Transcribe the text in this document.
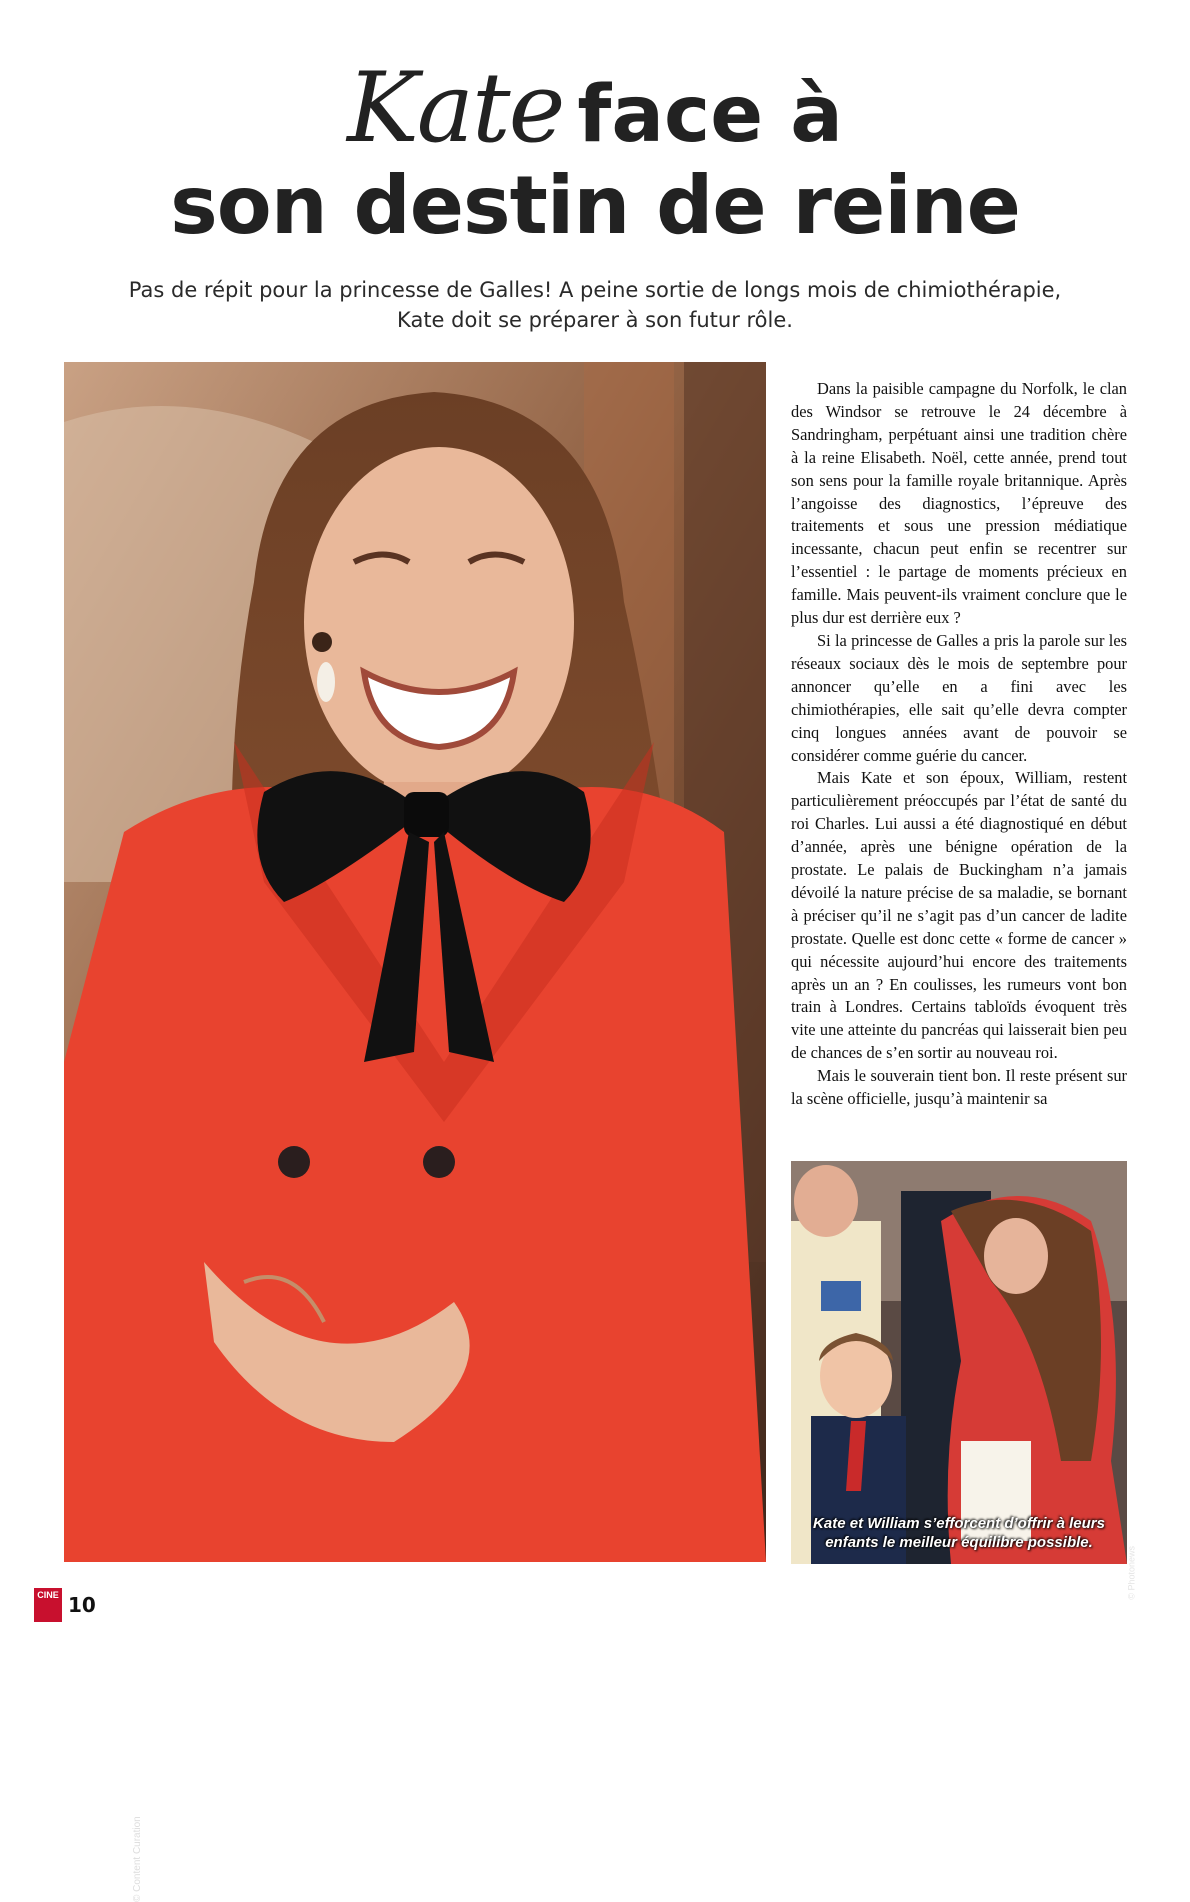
Kate face à
son destin de reine
Pas de répit pour la princesse de Galles! A peine sortie de longs mois de chimiothérapie,
Kate doit se préparer à son futur rôle.
© Content Curation

Dans la paisible campagne du Norfolk, le clan des Windsor se retrouve le 24 décembre à Sandringham, perpétuant ainsi une tradition chère à la reine Elisabeth. Noël, cette année, prend tout son sens pour la famille royale britannique. Après l’angoisse des diagnostics, l’épreuve des traitements et sous une pression médiatique incessante, chacun peut enfin se recentrer sur l’essentiel : le partage de moments précieux en famille. Mais peuvent-ils vraiment conclure que le plus dur est derrière eux ?

Si la princesse de Galles a pris la parole sur les réseaux sociaux dès le mois de septembre pour annoncer qu’elle en a fini avec les chimiothérapies, elle sait qu’elle devra compter cinq longues années avant de pouvoir se considérer comme guérie du cancer.

Mais Kate et son époux, William, restent particulièrement préoccupés par l’état de santé du roi Charles. Lui aussi a été diagnostiqué en début d’année, après une bénigne opération de la prostate. Le palais de Buckingham n’a jamais dévoilé la nature précise de sa maladie, se bornant à préciser qu’il ne s’agit pas d’un cancer de ladite prostate. Quelle est donc cette « forme de cancer » qui nécessite aujourd’hui encore des traitements après un an ? En coulisses, les rumeurs vont bon train à Londres. Certains tabloïds évoquent très vite une atteinte du pancréas qui laisserait bien peu de chances de s’en sortir au nouveau roi.

Mais le souverain tient bon. Il reste présent sur la scène officielle, jusqu’à maintenir sa

Kate et William s’efforcent d’offrir à leurs
enfants le meilleur équilibre possible.
© Photonews
CINE 10
